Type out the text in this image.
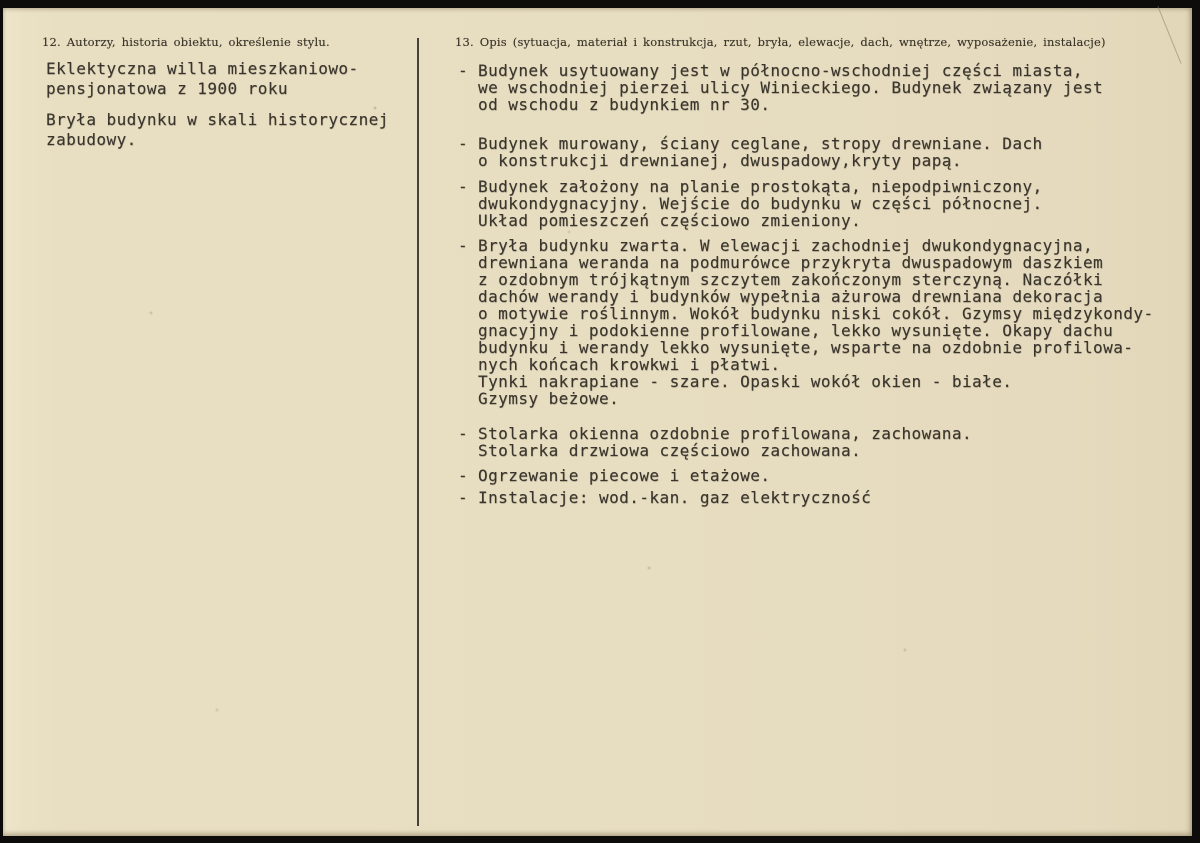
12. Autorzy, historia obiektu, określenie stylu.	13. Opis (sytuacja, materiał i konstrukcja, rzut, bryła, elewacje, dach, wnętrze, wyposażenie, instalacje)
Eklektyczna willa mieszkaniowo-
pensjonatowa z 1900 roku
Bryła budynku w skali historycznej
zabudowy.
- Budynek usytuowany jest w północno-wschodniej części miasta,
we wschodniej pierzei ulicy Winieckiego. Budynek związany jest
od wschodu z budynkiem nr 30.
- Budynek murowany, ściany ceglane, stropy drewniane. Dach
o konstrukcji drewnianej, dwuspadowy,kryty papą.
- Budynek założony na planie prostokąta, niepodpiwniczony,
dwukondygnacyjny. Wejście do budynku w części północnej.
Układ pomieszczeń częściowo zmieniony.
- Bryła budynku zwarta. W elewacji zachodniej dwukondygnacyjna,
drewniana weranda na podmurówce przykryta dwuspadowym daszkiem
z ozdobnym trójkątnym szczytem zakończonym sterczyną. Naczółki
dachów werandy i budynków wypełnia ażurowa drewniana dekoracja
o motywie roślinnym. Wokół budynku niski cokół. Gzymsy międzykondy-
gnacyjny i podokienne profilowane, lekko wysunięte. Okapy dachu
budynku i werandy lekko wysunięte, wsparte na ozdobnie profilowa-
nych końcach krowkwi i płatwi.
Tynki nakrapiane - szare. Opaski wokół okien - białe.
Gzymsy beżowe.
- Stolarka okienna ozdobnie profilowana, zachowana.
Stolarka drzwiowa częściowo zachowana.
- Ogrzewanie piecowe i etażowe.
- Instalacje: wod.-kan. gaz elektryczność
